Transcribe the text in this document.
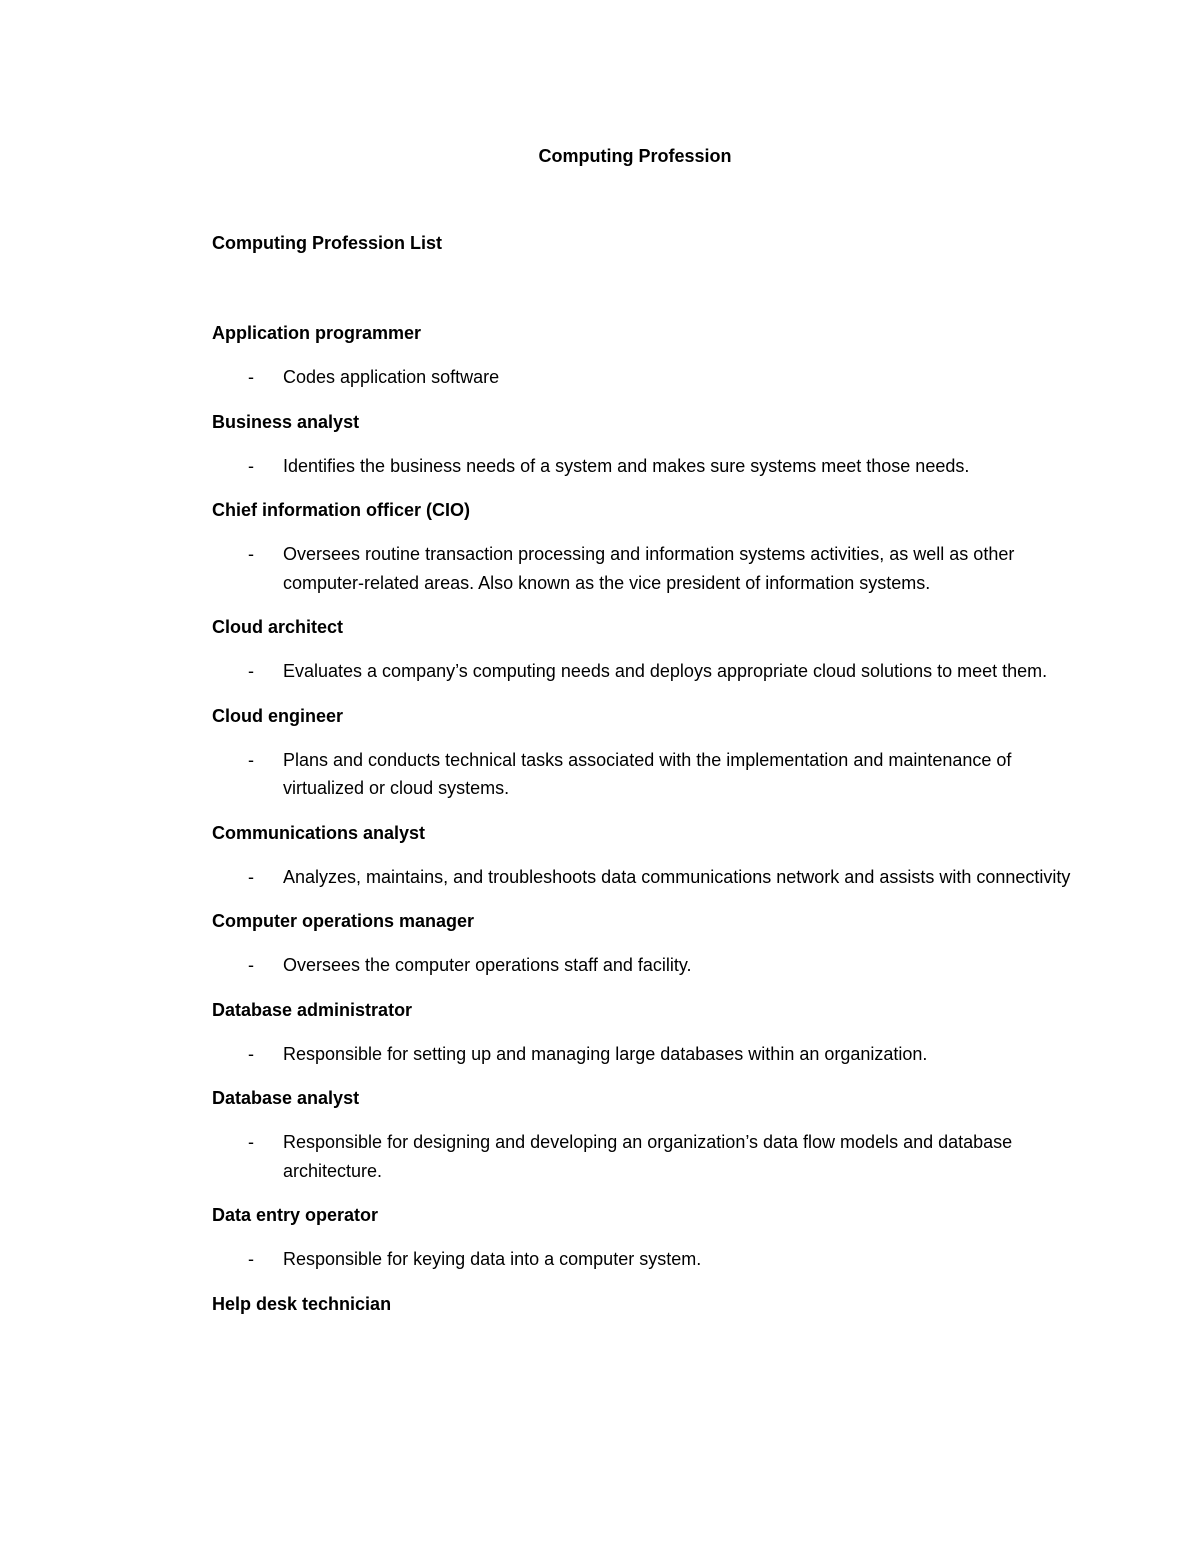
Computing Profession
Computing Profession List
Application programmer
- Codes application software
Business analyst
- Identifies the business needs of a system and makes sure systems meet those needs.
Chief information officer (CIO)
- Oversees routine transaction processing and information systems activities, as well as other computer-related areas. Also known as the vice president of information systems.
Cloud architect
- Evaluates a company’s computing needs and deploys appropriate cloud solutions to meet them.
Cloud engineer
- Plans and conducts technical tasks associated with the implementation and maintenance of virtualized or cloud systems.
Communications analyst
- Analyzes, maintains, and troubleshoots data communications network and assists with connectivity
Computer operations manager
- Oversees the computer operations staff and facility.
Database administrator
- Responsible for setting up and managing large databases within an organization.
Database analyst
- Responsible for designing and developing an organization’s data flow models and database architecture.
Data entry operator
- Responsible for keying data into a computer system.
Help desk technician
